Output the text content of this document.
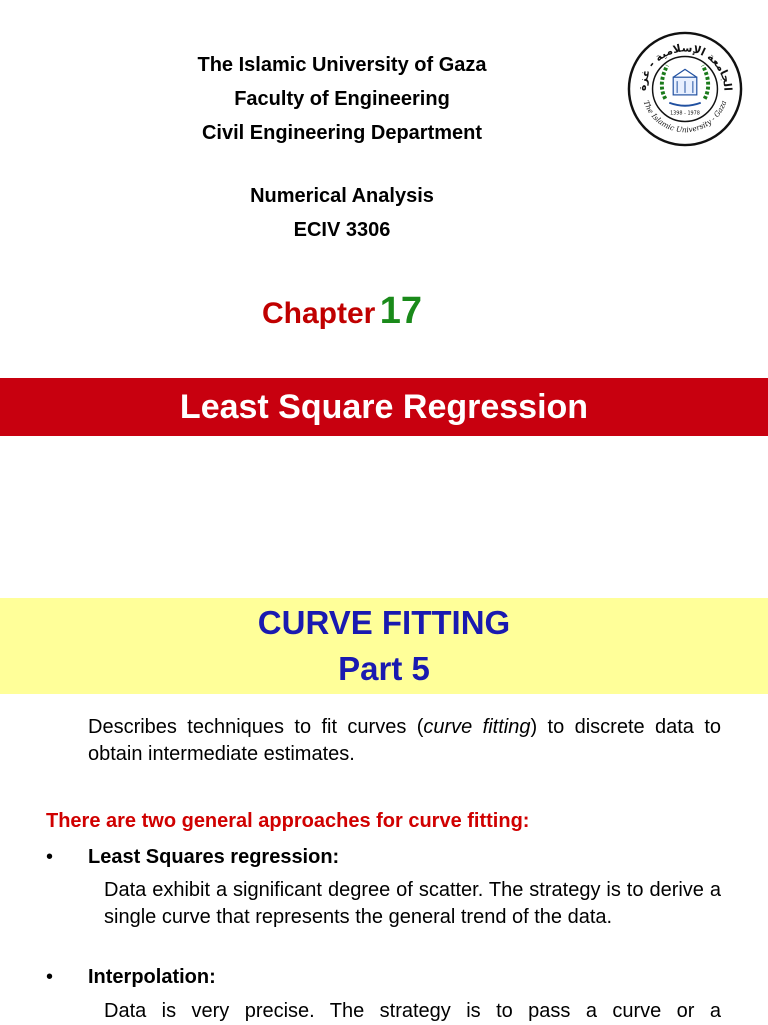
The Islamic University of Gaza
Faculty of Engineering
Civil Engineering Department
Numerical Analysis
ECIV 3306
الجامعة الإسلامية - غزة
The Islamic University - Gaza
1398 - 1978
Chapter 17
Least Square Regression
CURVE FITTING
Part 5
Describes techniques to fit curves (curve fitting) to discrete data to obtain intermediate estimates.
There are two general approaches for curve fitting:
• Least Squares regression:
Data exhibit a significant degree of scatter. The strategy is to derive a single curve that represents the general trend of the data.
• Interpolation:
Data is very precise. The strategy is to pass a curve or a
